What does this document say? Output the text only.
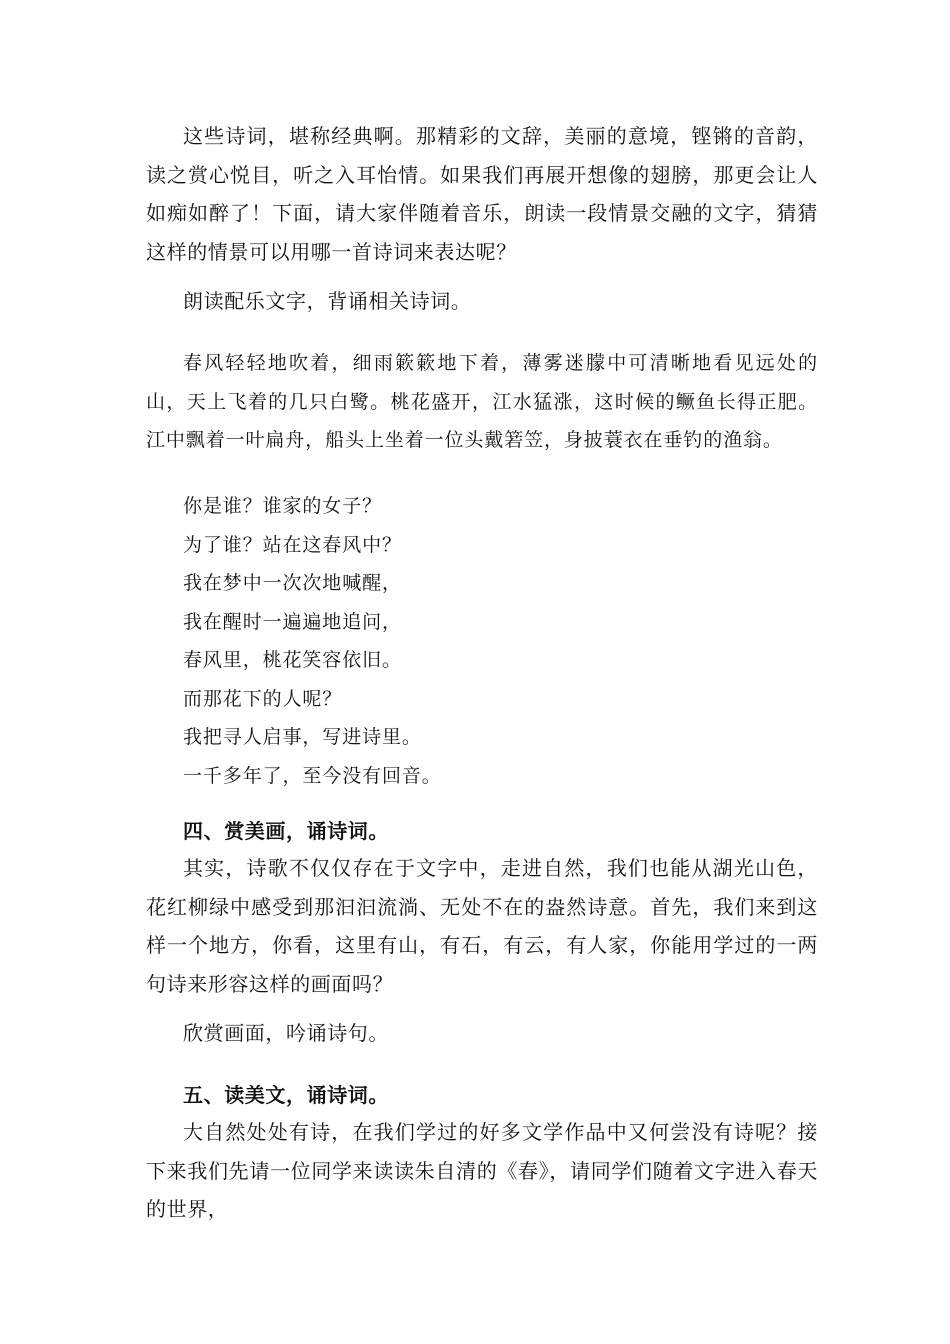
这些诗词，堪称经典啊。那精彩的文辞，美丽的意境，铿锵的音韵，读之赏心悦目，听之入耳怡情。如果我们再展开想像的翅膀，那更会让人如痴如醉了！下面，请大家伴随着音乐，朗读一段情景交融的文字，猜猜这样的情景可以用哪一首诗词来表达呢？

朗读配乐文字，背诵相关诗词。

春风轻轻地吹着，细雨簌簌地下着，薄雾迷朦中可清晰地看见远处的山，天上飞着的几只白鹭。桃花盛开，江水猛涨，这时候的鳜鱼长得正肥。江中飘着一叶扁舟，船头上坐着一位头戴箬笠，身披蓑衣在垂钓的渔翁。

你是谁？谁家的女子？
为了谁？站在这春风中？
我在梦中一次次地喊醒，
我在醒时一遍遍地追问，
春风里，桃花笑容依旧。
而那花下的人呢？
我把寻人启事，写进诗里。
一千多年了，至今没有回音。

四、赏美画，诵诗词。

其实，诗歌不仅仅存在于文字中，走进自然，我们也能从湖光山色，花红柳绿中感受到那汩汩流淌、无处不在的盎然诗意。首先，我们来到这样一个地方，你看，这里有山，有石，有云，有人家，你能用学过的一两句诗来形容这样的画面吗？

欣赏画面，吟诵诗句。

五、读美文，诵诗词。

大自然处处有诗，在我们学过的好多文学作品中又何尝没有诗呢？接下来我们先请一位同学来读读朱自清的《春》，请同学们随着文字进入春天的世界，
